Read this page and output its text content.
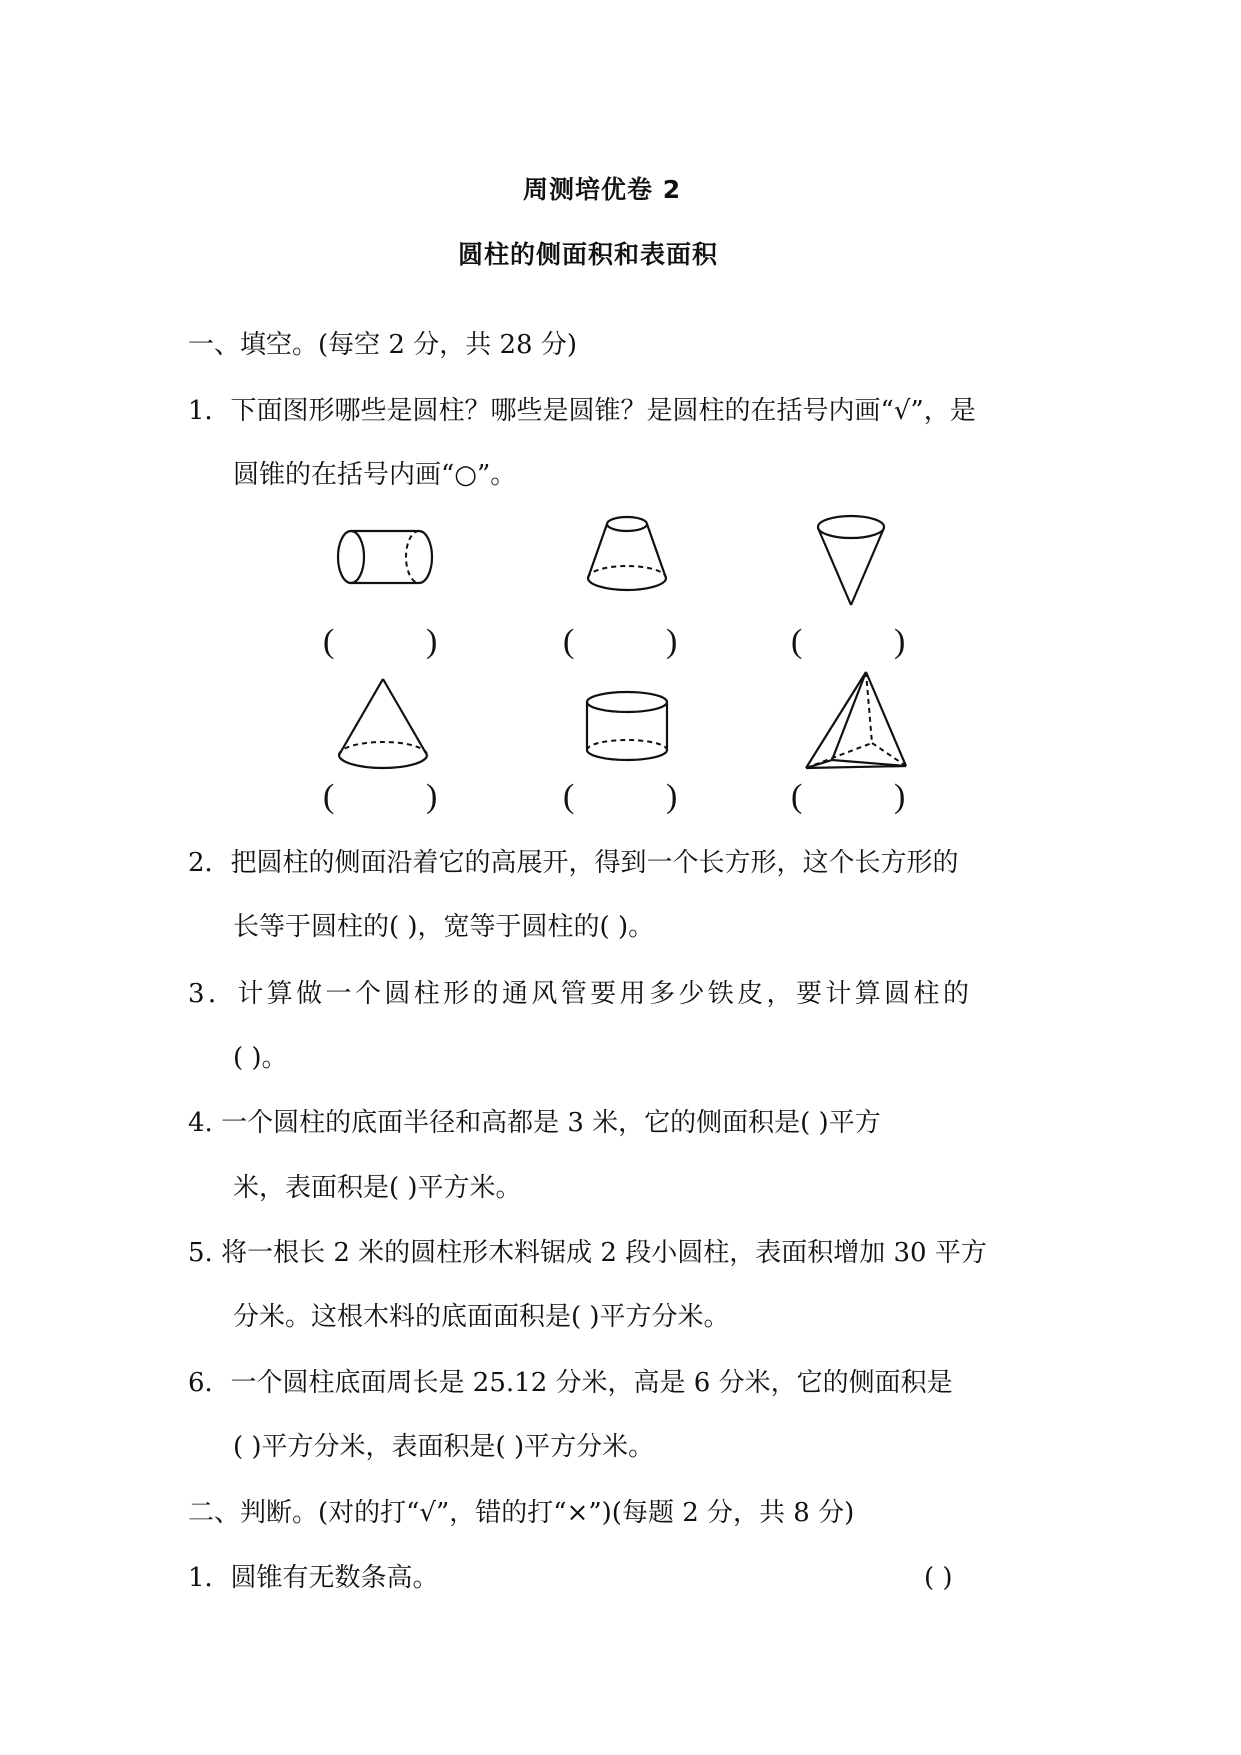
周测培优卷 2
圆柱的侧面积和表面积
一、填空。(每空 2 分，共 28 分)
1．下面图形哪些是圆柱？哪些是圆锥？是圆柱的在括号内画“√”，是
圆锥的在括号内画“○”。
(	)	(	)	(	)
(	)	(	)	(	)
2．把圆柱的侧面沿着它的高展开，得到一个长方形，这个长方形的
长等于圆柱的( )，宽等于圆柱的( )。
3．计算做一个圆柱形的通风管要用多少铁皮，要计算圆柱的
( )。
4. 一个圆柱的底面半径和高都是 3 米，它的侧面积是( )平方
米，表面积是( )平方米。
5. 将一根长 2 米的圆柱形木料锯成 2 段小圆柱，表面积增加 30 平方
分米。这根木料的底面面积是( )平方分米。
6．一个圆柱底面周长是 25.12 分米，高是 6 分米，它的侧面积是
( )平方分米，表面积是( )平方分米。
二、判断。(对的打“√”，错的打“×”)(每题 2 分，共 8 分)
1．圆锥有无数条高。	( )
